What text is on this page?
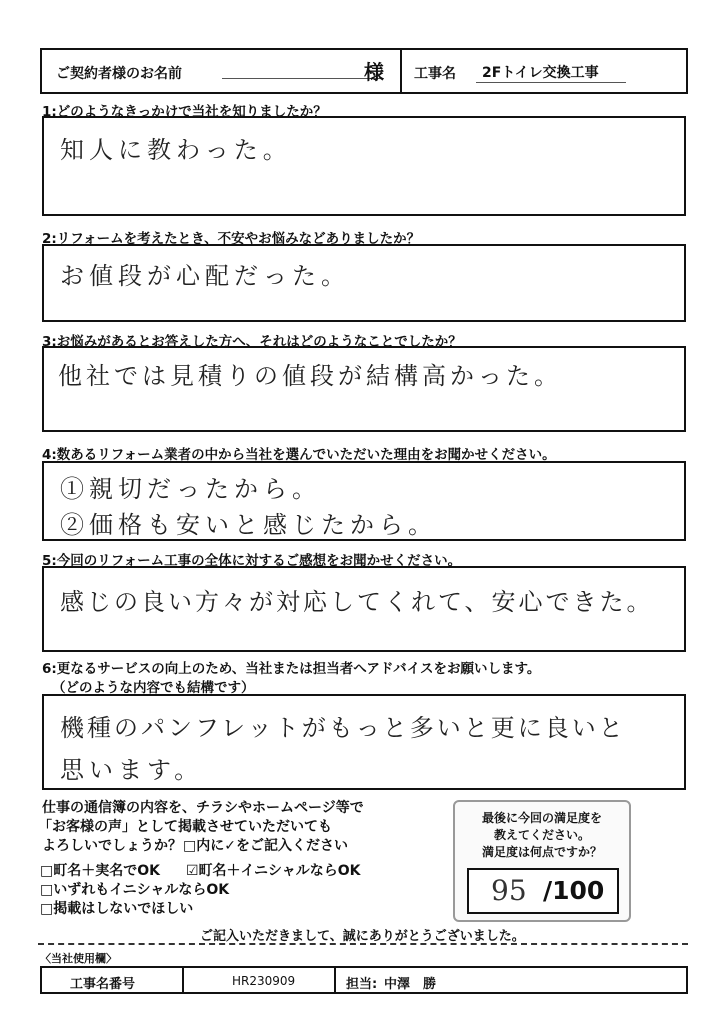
ご契約者様のお名前	様 工事名 2Fトイレ交換工事
1:どのようなきっかけで当社を知りましたか？
知人に教わった。
2:リフォームを考えたとき、不安やお悩みなどありましたか？
お値段が心配だった。
3:お悩みがあるとお答えした方へ、それはどのようなことでしたか？
他社では見積りの値段が結構高かった。
4:数あるリフォーム業者の中から当社を選んでいただいた理由をお聞かせください。
①親切だったから。
②価格も安いと感じたから。
5:今回のリフォーム工事の全体に対するご感想をお聞かせください。
感じの良い方々が対応してくれて、安心できた。
6:更なるサービスの向上のため、当社または担当者へアドバイスをお願いします。
（どのような内容でも結構です）
機種のパンフレットがもっと多いと更に良いと
思います。
仕事の通信簿の内容を、チラシやホームページ等で
「お客様の声」として掲載させていただいても
よろしいでしょうか？ □内に✓をご記入ください
□町名＋実名でOK ☑町名＋イニシャルならOK
□いずれもイニシャルならOK
□掲載はしないでほしい
最後に今回の満足度を
教えてください。
満足度は何点ですか？
95 /100
ご記入いただきまして、誠にありがとうございました。
〈当社使用欄〉
工事名番号	HR230909	担当: 中澤　勝
